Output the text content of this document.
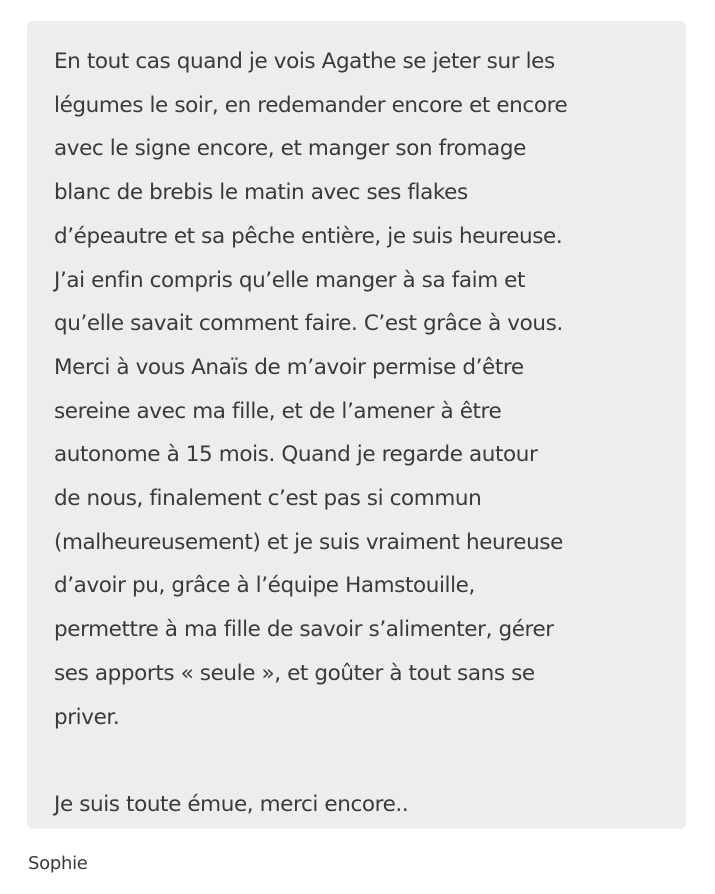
En tout cas quand je vois Agathe se jeter sur les
légumes le soir, en redemander encore et encore
avec le signe encore, et manger son fromage
blanc de brebis le matin avec ses flakes
d’épeautre et sa pêche entière, je suis heureuse.
J’ai enfin compris qu’elle manger à sa faim et
qu’elle savait comment faire. C’est grâce à vous.
Merci à vous Anaïs de m’avoir permise d’être
sereine avec ma fille, et de l’amener à être
autonome à 15 mois. Quand je regarde autour
de nous, finalement c’est pas si commun
(malheureusement) et je suis vraiment heureuse
d’avoir pu, grâce à l’équipe Hamstouille,
permettre à ma fille de savoir s’alimenter, gérer
ses apports « seule », et goûter à tout sans se
priver.

Je suis toute émue, merci encore..

Sophie
